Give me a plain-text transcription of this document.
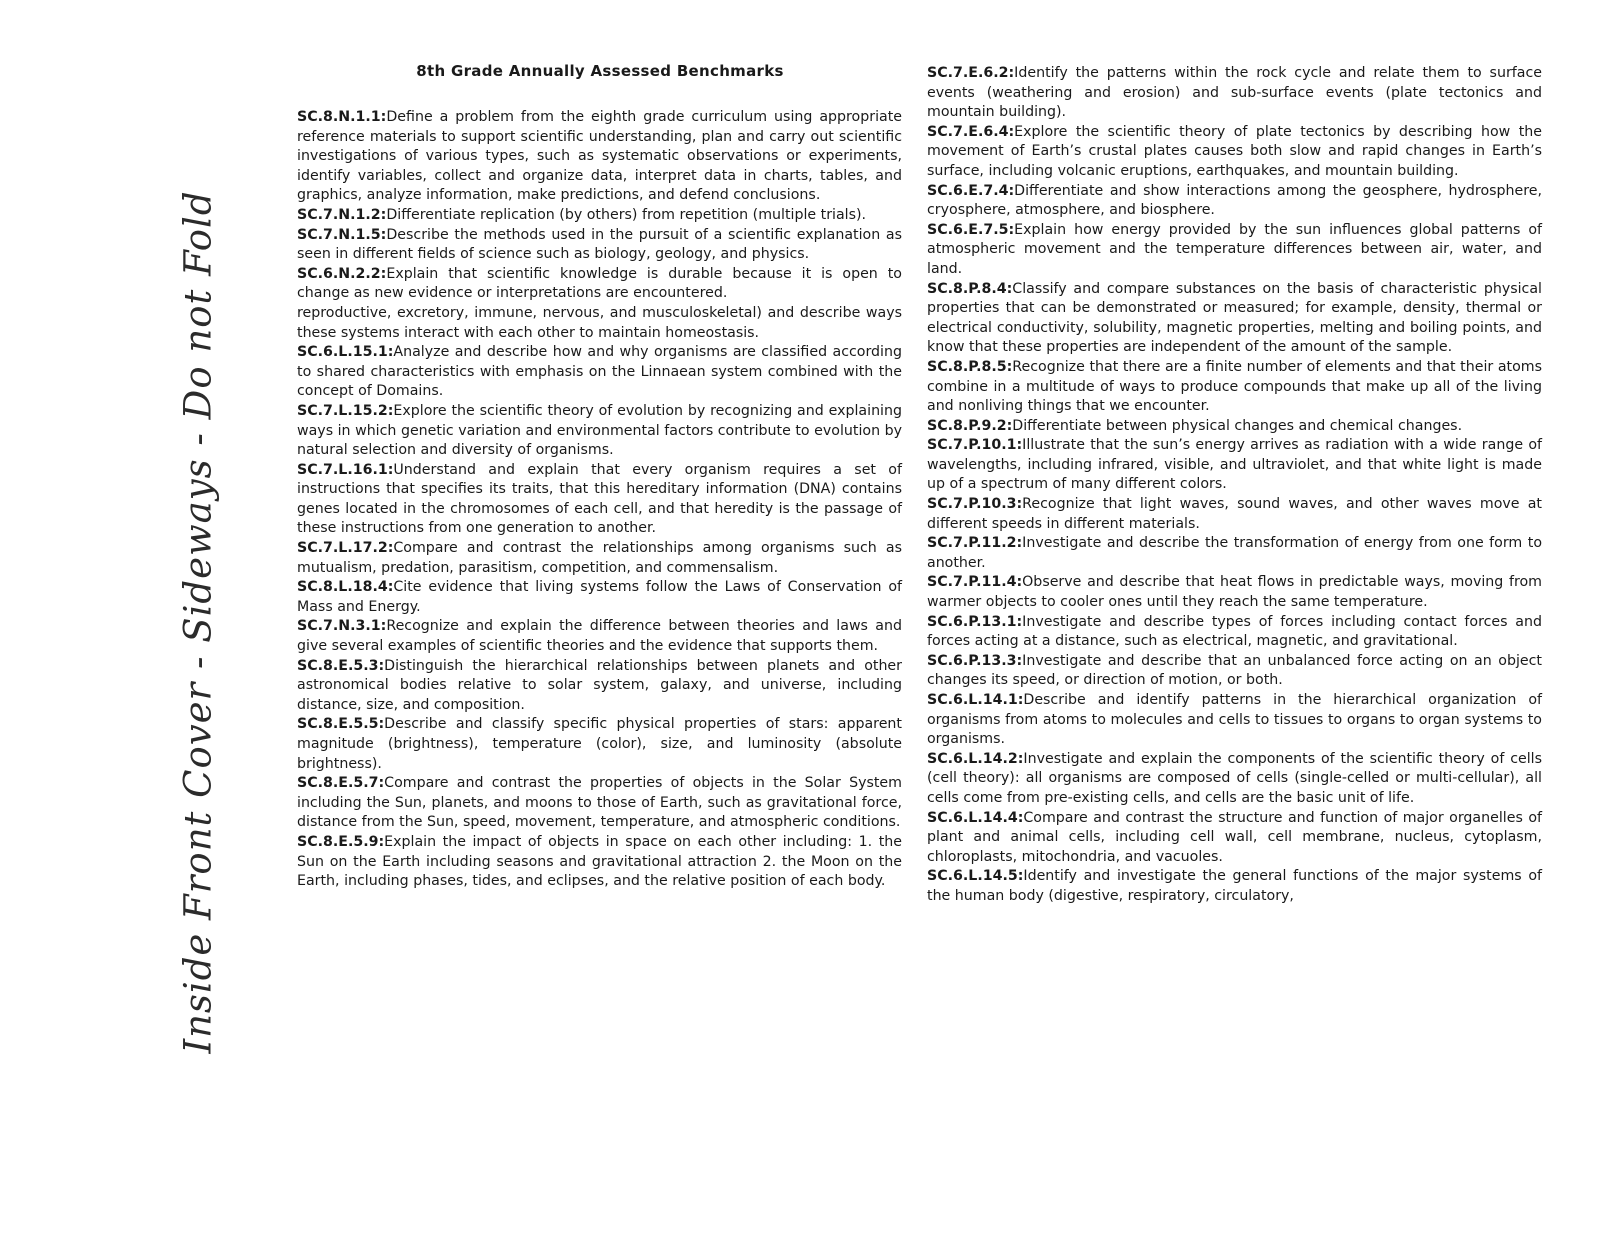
Inside Front Cover - Sideways - Do not Fold
8th Grade Annually Assessed Benchmarks

SC.8.N.1.1:Define a problem from the eighth grade curriculum using appropriate reference materials to support scientific understanding, plan and carry out scientific investigations of various types, such as systematic observations or experiments, identify variables, collect and organize data, interpret data in charts, tables, and graphics, analyze information, make predictions, and defend conclusions.

SC.7.N.1.2:Differentiate replication (by others) from repetition (multiple trials).

SC.7.N.1.5:Describe the methods used in the pursuit of a scientific explanation as seen in different fields of science such as biology, geology, and physics.

SC.6.N.2.2:Explain that scientific knowledge is durable because it is open to change as new evidence or interpretations are encountered.

reproductive, excretory, immune, nervous, and musculoskeletal) and describe ways these systems interact with each other to maintain homeostasis.

SC.6.L.15.1:Analyze and describe how and why organisms are classified according to shared characteristics with emphasis on the Linnaean system combined with the concept of Domains.

SC.7.L.15.2:Explore the scientific theory of evolution by recognizing and explaining ways in which genetic variation and environmental factors contribute to evolution by natural selection and diversity of organisms.

SC.7.L.16.1:Understand and explain that every organism requires a set of instructions that specifies its traits, that this hereditary information (DNA) contains genes located in the chromosomes of each cell, and that heredity is the passage of these instructions from one generation to another.

SC.7.L.17.2:Compare and contrast the relationships among organisms such as mutualism, predation, parasitism, competition, and commensalism.

SC.8.L.18.4:Cite evidence that living systems follow the Laws of Conservation of Mass and Energy.

SC.7.N.3.1:Recognize and explain the difference between theories and laws and give several examples of scientific theories and the evidence that supports them.

SC.8.E.5.3:Distinguish the hierarchical relationships between planets and other astronomical bodies relative to solar system, galaxy, and universe, including distance, size, and composition.

SC.8.E.5.5:Describe and classify specific physical properties of stars: apparent magnitude (brightness), temperature (color), size, and luminosity (absolute brightness).

SC.8.E.5.7:Compare and contrast the properties of objects in the Solar System including the Sun, planets, and moons to those of Earth, such as gravitational force, distance from the Sun, speed, movement, temperature, and atmospheric conditions.

SC.8.E.5.9:Explain the impact of objects in space on each other including: 1. the Sun on the Earth including seasons and gravitational attraction 2. the Moon on the Earth, including phases, tides, and eclipses, and the relative position of each body.

SC.7.E.6.2:Identify the patterns within the rock cycle and relate them to surface events (weathering and erosion) and sub-surface events (plate tectonics and mountain building).

SC.7.E.6.4:Explore the scientific theory of plate tectonics by describing how the movement of Earth’s crustal plates causes both slow and rapid changes in Earth’s surface, including volcanic eruptions, earthquakes, and mountain building.

SC.6.E.7.4:Differentiate and show interactions among the geosphere, hydrosphere, cryosphere, atmosphere, and biosphere.

SC.6.E.7.5:Explain how energy provided by the sun influences global patterns of atmospheric movement and the temperature differences between air, water, and land.

SC.8.P.8.4:Classify and compare substances on the basis of characteristic physical properties that can be demonstrated or measured; for example, density, thermal or electrical conductivity, solubility, magnetic properties, melting and boiling points, and know that these properties are independent of the amount of the sample.

SC.8.P.8.5:Recognize that there are a finite number of elements and that their atoms combine in a multitude of ways to produce compounds that make up all of the living and nonliving things that we encounter.

SC.8.P.9.2:Differentiate between physical changes and chemical changes.

SC.7.P.10.1:Illustrate that the sun’s energy arrives as radiation with a wide range of wavelengths, including infrared, visible, and ultraviolet, and that white light is made up of a spectrum of many different colors.

SC.7.P.10.3:Recognize that light waves, sound waves, and other waves move at different speeds in different materials.

SC.7.P.11.2:Investigate and describe the transformation of energy from one form to another.

SC.7.P.11.4:Observe and describe that heat flows in predictable ways, moving from warmer objects to cooler ones until they reach the same temperature.

SC.6.P.13.1:Investigate and describe types of forces including contact forces and forces acting at a distance, such as electrical, magnetic, and gravitational.

SC.6.P.13.3:Investigate and describe that an unbalanced force acting on an object changes its speed, or direction of motion, or both.

SC.6.L.14.1:Describe and identify patterns in the hierarchical organization of organisms from atoms to molecules and cells to tissues to organs to organ systems to organisms.

SC.6.L.14.2:Investigate and explain the components of the scientific theory of cells (cell theory): all organisms are composed of cells (single-celled or multi-cellular), all cells come from pre-existing cells, and cells are the basic unit of life.

SC.6.L.14.4:Compare and contrast the structure and function of major organelles of plant and animal cells, including cell wall, cell membrane, nucleus, cytoplasm, chloroplasts, mitochondria, and vacuoles.

SC.6.L.14.5:Identify and investigate the general functions of the major systems of the human body (digestive, respiratory, circulatory,
